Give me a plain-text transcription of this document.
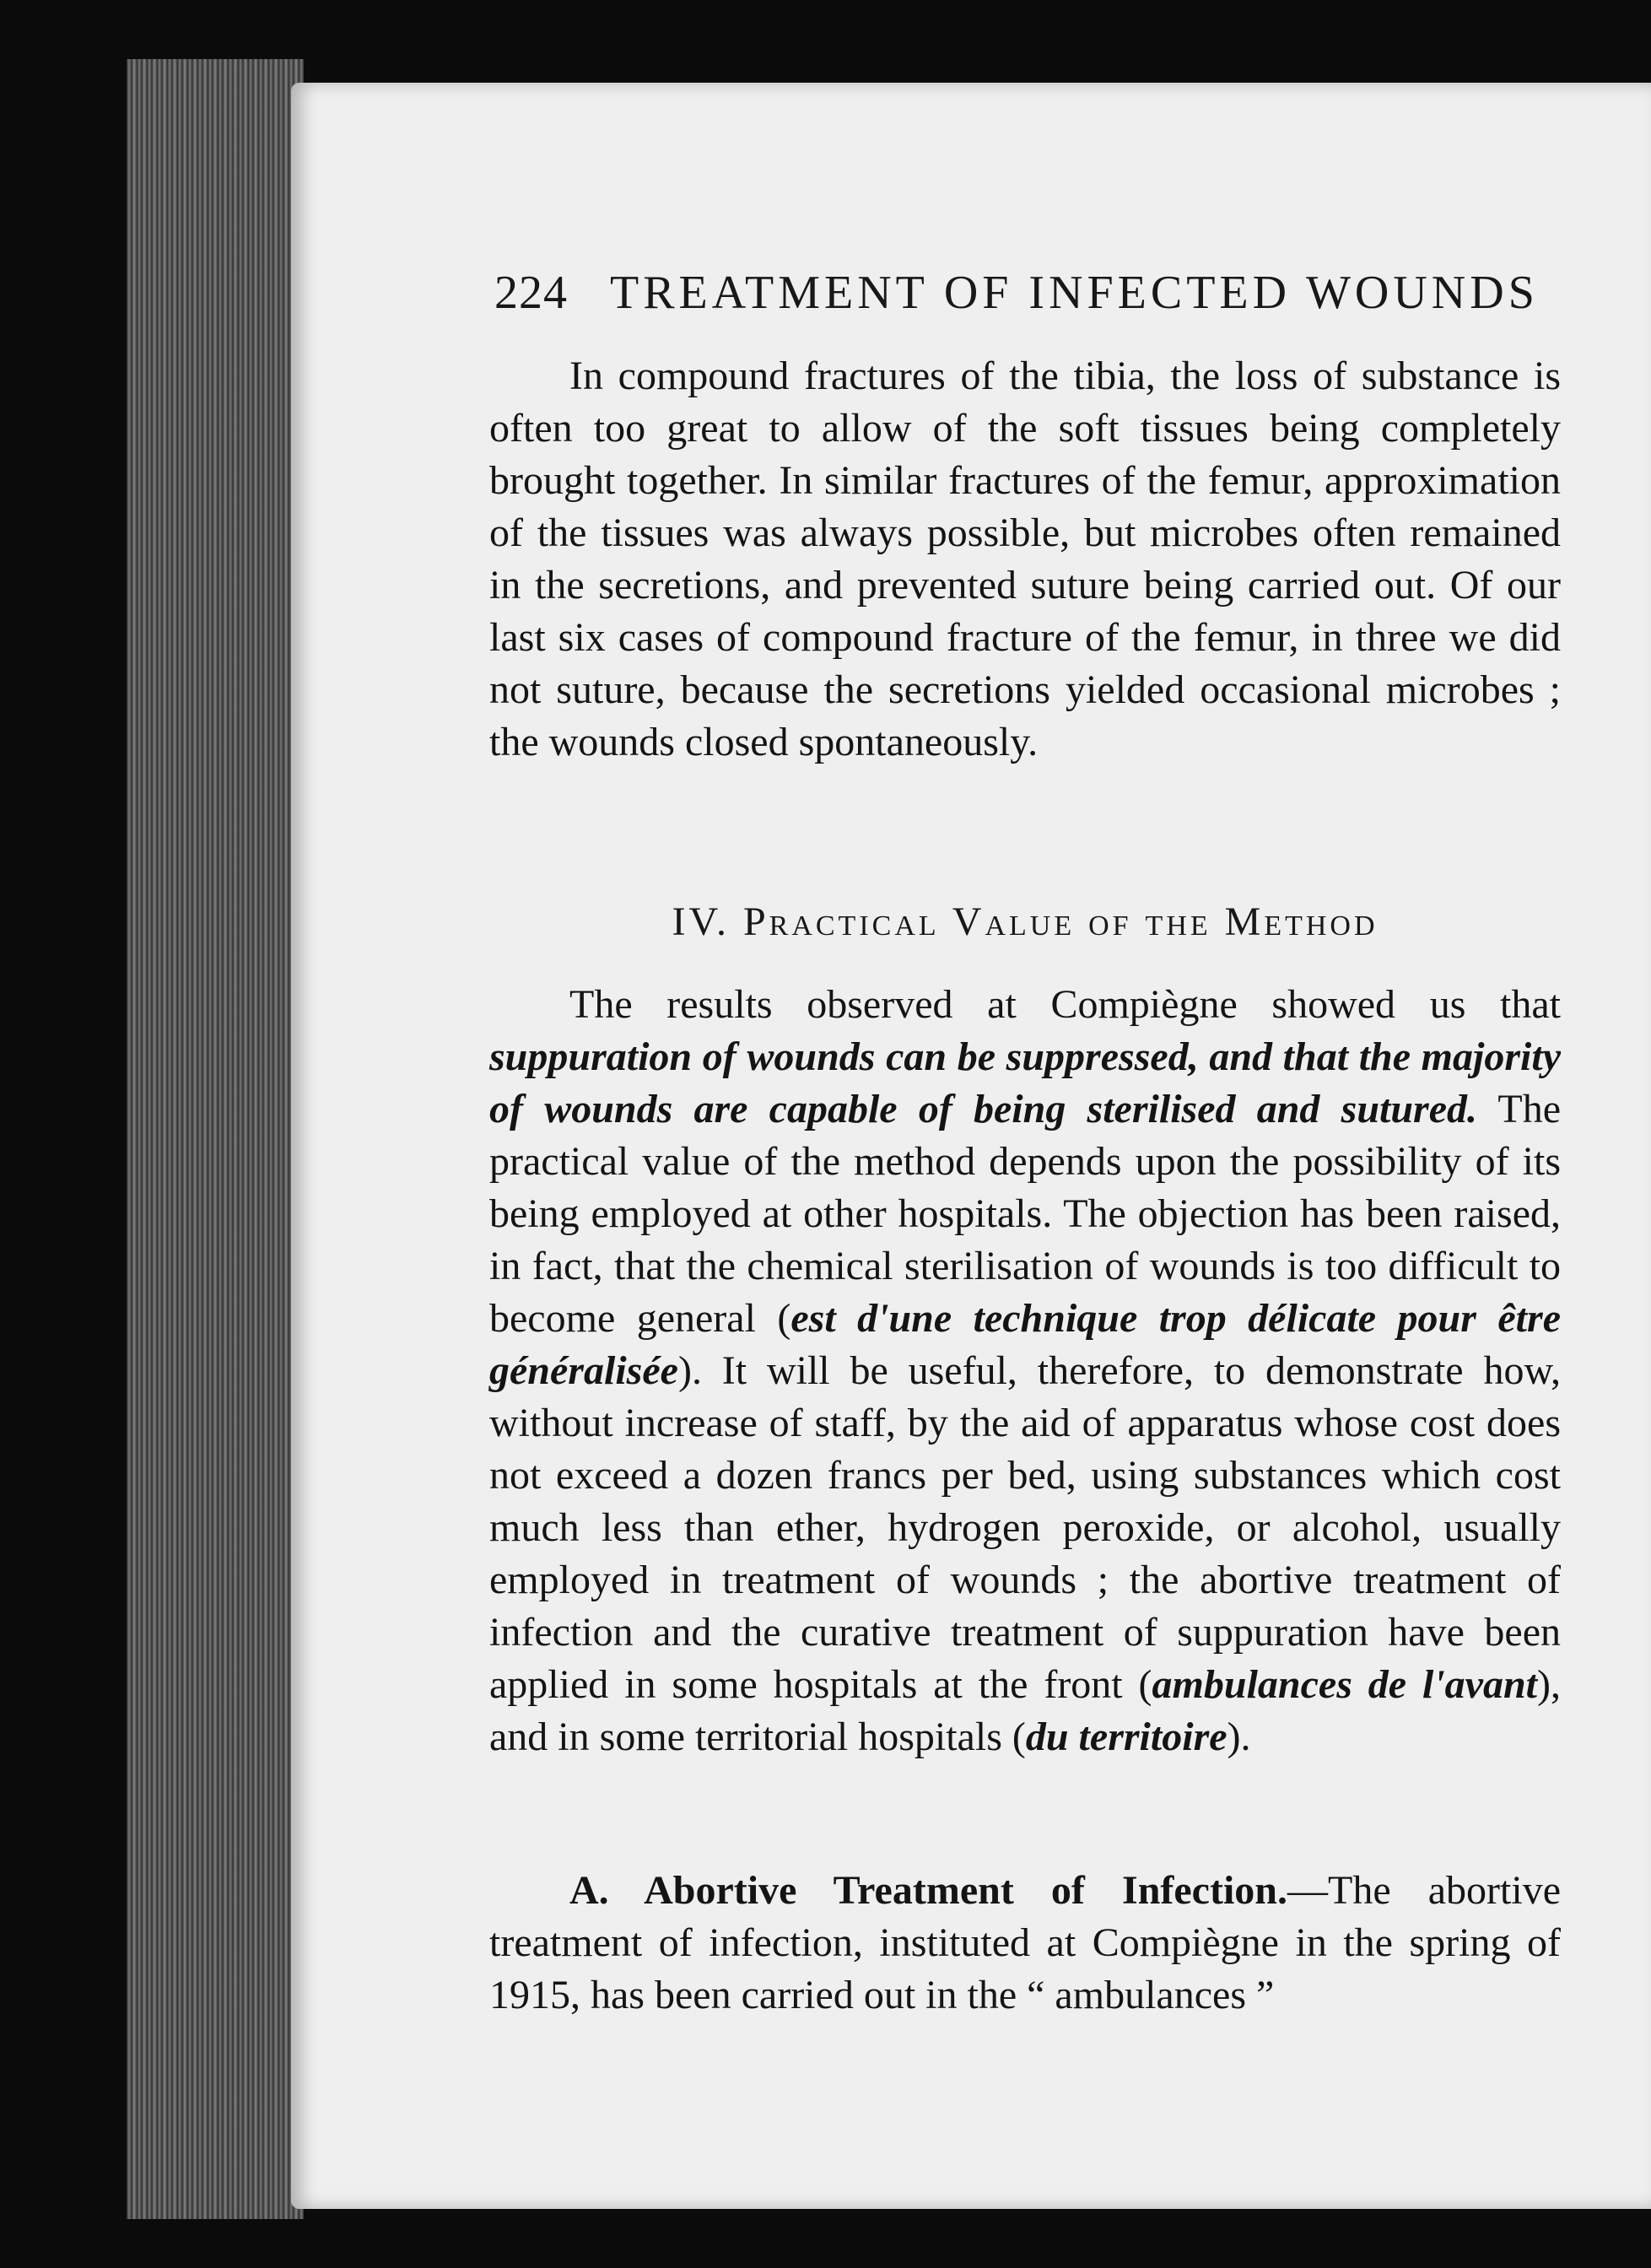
224 TREATMENT OF INFECTED WOUNDS

In compound fractures of the tibia, the loss of substance is often too great to allow of the soft tissues being completely brought together. In similar fractures of the femur, approximation of the tissues was always possible, but microbes often remained in the secretions, and prevented suture being carried out. Of our last six cases of compound fracture of the femur, in three we did not suture, because the secretions yielded occasional microbes ; the wounds closed spontaneously.

IV. Practical Value of the Method

The results observed at Compiègne showed us that suppuration of wounds can be suppressed, and that the majority of wounds are capable of being sterilised and sutured. The practical value of the method depends upon the possibility of its being employed at other hospitals. The objection has been raised, in fact, that the chemical sterilisation of wounds is too difficult to become general (est d'une technique trop délicate pour être généralisée). It will be useful, therefore, to demonstrate how, without increase of staff, by the aid of apparatus whose cost does not exceed a dozen francs per bed, using substances which cost much less than ether, hydrogen peroxide, or alcohol, usually employed in treatment of wounds ; the abortive treatment of infection and the curative treatment of suppuration have been applied in some hospitals at the front (ambulances de l'avant), and in some territorial hospitals (du territoire).

A. Abortive Treatment of Infection.—The abortive treatment of infection, instituted at Compiègne in the spring of 1915, has been carried out in the “ ambulances ”
